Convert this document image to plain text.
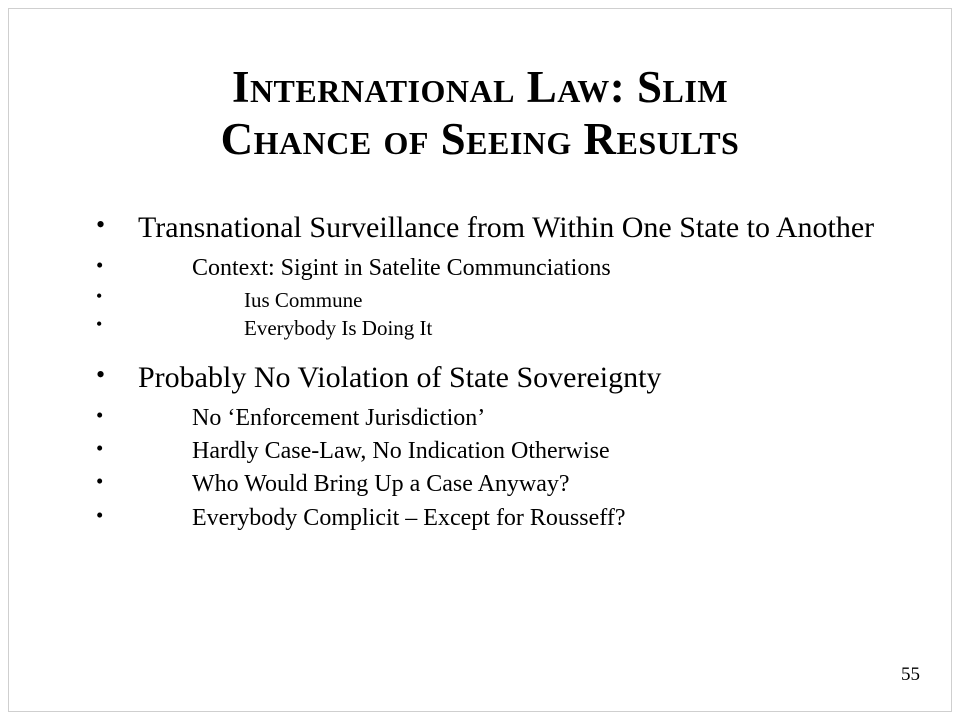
International Law: Slim
Chance of Seeing Results
•	Transnational Surveillance from Within One State to Another
•	Context: Sigint in Satelite Communciations
•	Ius Commune
•	Everybody Is Doing It
•	Probably No Violation of State Sovereignty
•	No ‘Enforcement Jurisdiction’
•	Hardly Case-Law, No Indication Otherwise
•	Who Would Bring Up a Case Anyway?
•	Everybody Complicit – Except for Rousseff?
55
